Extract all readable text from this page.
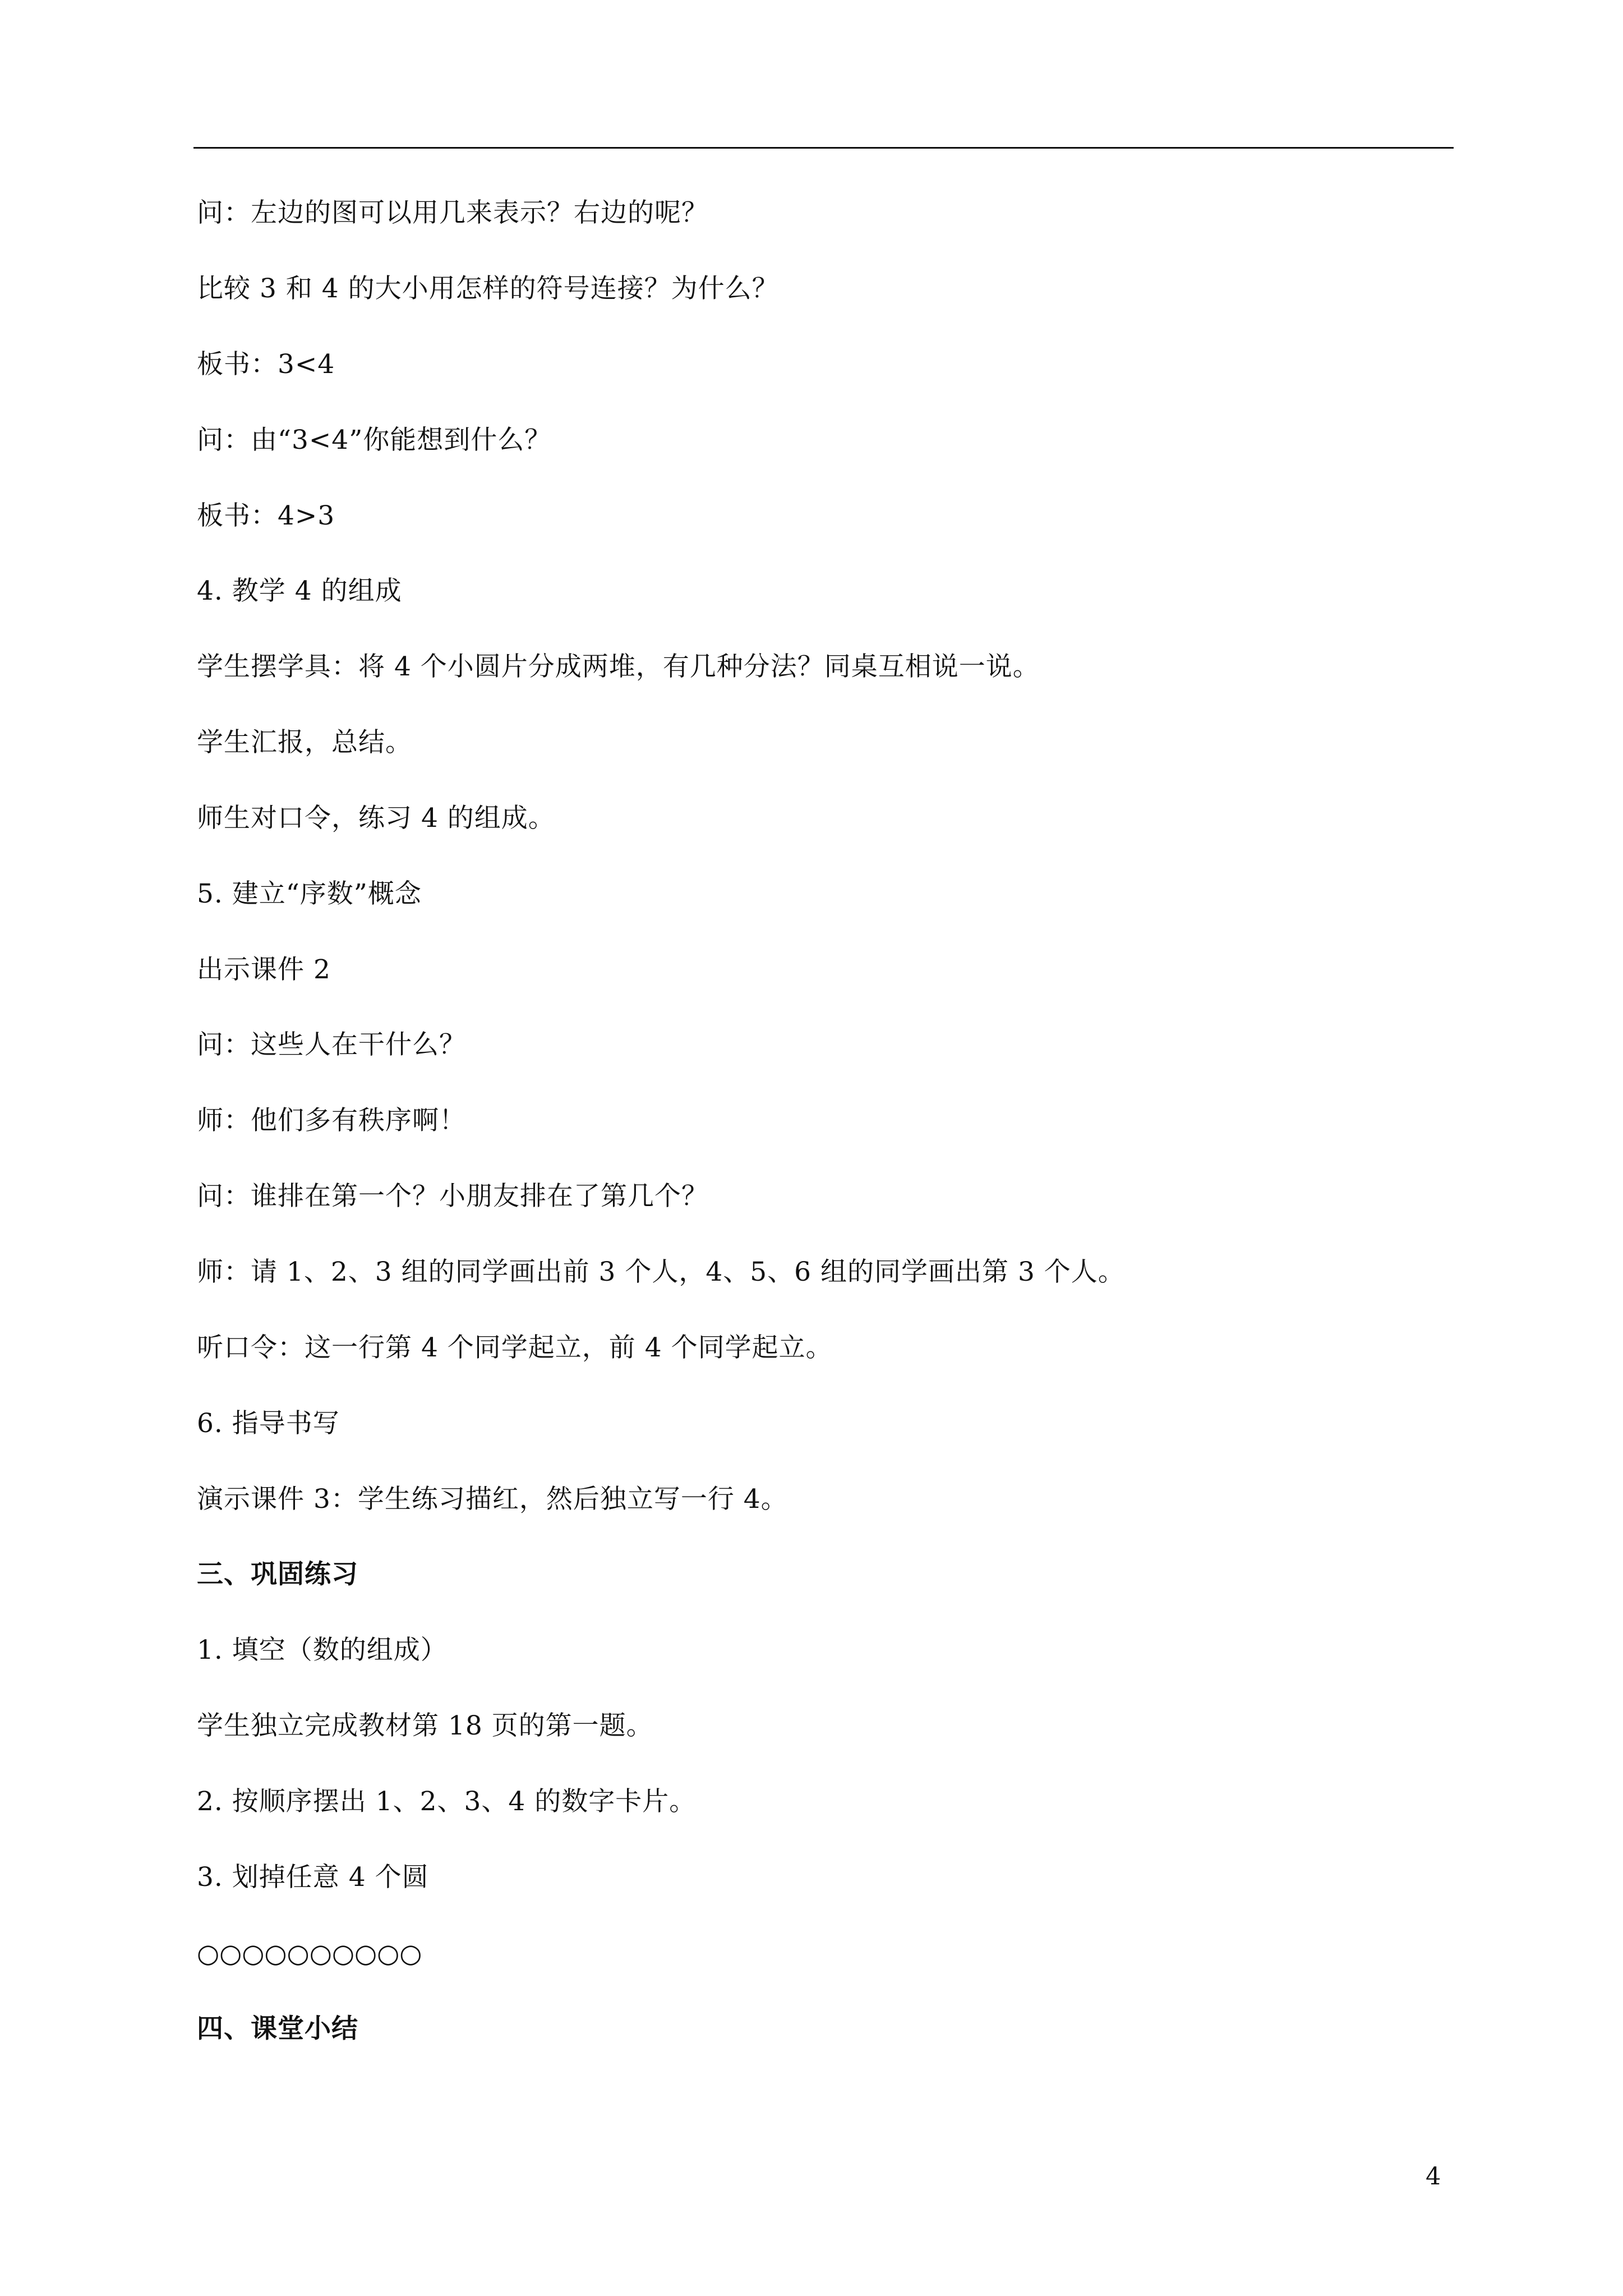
问：左边的图可以用几来表示？右边的呢？
比较 3 和 4 的大小用怎样的符号连接？为什么？
板书：3<4
问：由“3<4”你能想到什么？
板书：4>3
4. 教学 4 的组成
学生摆学具：将 4 个小圆片分成两堆，有几种分法？同桌互相说一说。
学生汇报，总结。
师生对口令，练习 4 的组成。
5. 建立“序数”概念
出示课件 2
问：这些人在干什么？
师：他们多有秩序啊！
问：谁排在第一个？小朋友排在了第几个？
师：请 1、2、3 组的同学画出前 3 个人，4、5、6 组的同学画出第 3 个人。
听口令：这一行第 4 个同学起立，前 4 个同学起立。
6. 指导书写
演示课件 3：学生练习描红，然后独立写一行 4。
三、巩固练习
1. 填空（数的组成）
学生独立完成教材第 18 页的第一题。
2. 按顺序摆出 1、2、3、4 的数字卡片。
3. 划掉任意 4 个圆
○○○○○○○○○○
四、课堂小结
4
